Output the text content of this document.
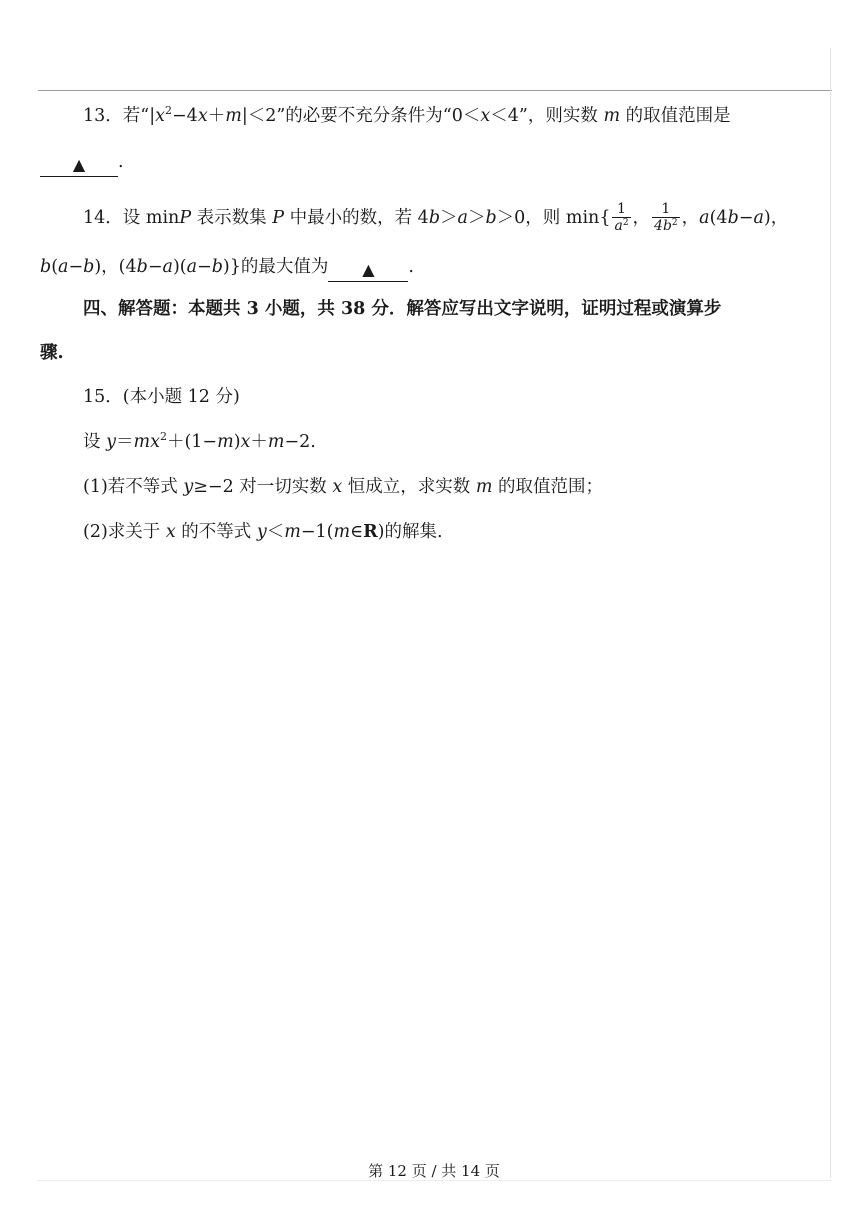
13．若“$|x^2-4x+m|<2$”的必要不充分条件为“0＜x＜4”，则实数 m 的取值范围是
▲ .
14．设 minP 表示数集 P 中最小的数，若 4b＞a＞b＞0，则 $\min\{ \frac{1}{a^2}$ ， $\frac{1}{4b^2}$ ，a(4b−a)，
b(a−b)，(4b−a)(a−b)}的最大值为 ▲ .
四、解答题：本题共 3 小题，共 38 分．解答应写出文字说明，证明过程或演算步
骤.
15．(本小题 12 分)
设 $y=mx^2+(1-m)x+m-2$.
(1)若不等式 y≥−2 对一切实数 x 恒成立，求实数 m 的取值范围；
(2)求关于 x 的不等式 y＜m−1(m∈R)的解集.
第 12 页 / 共 14 页
